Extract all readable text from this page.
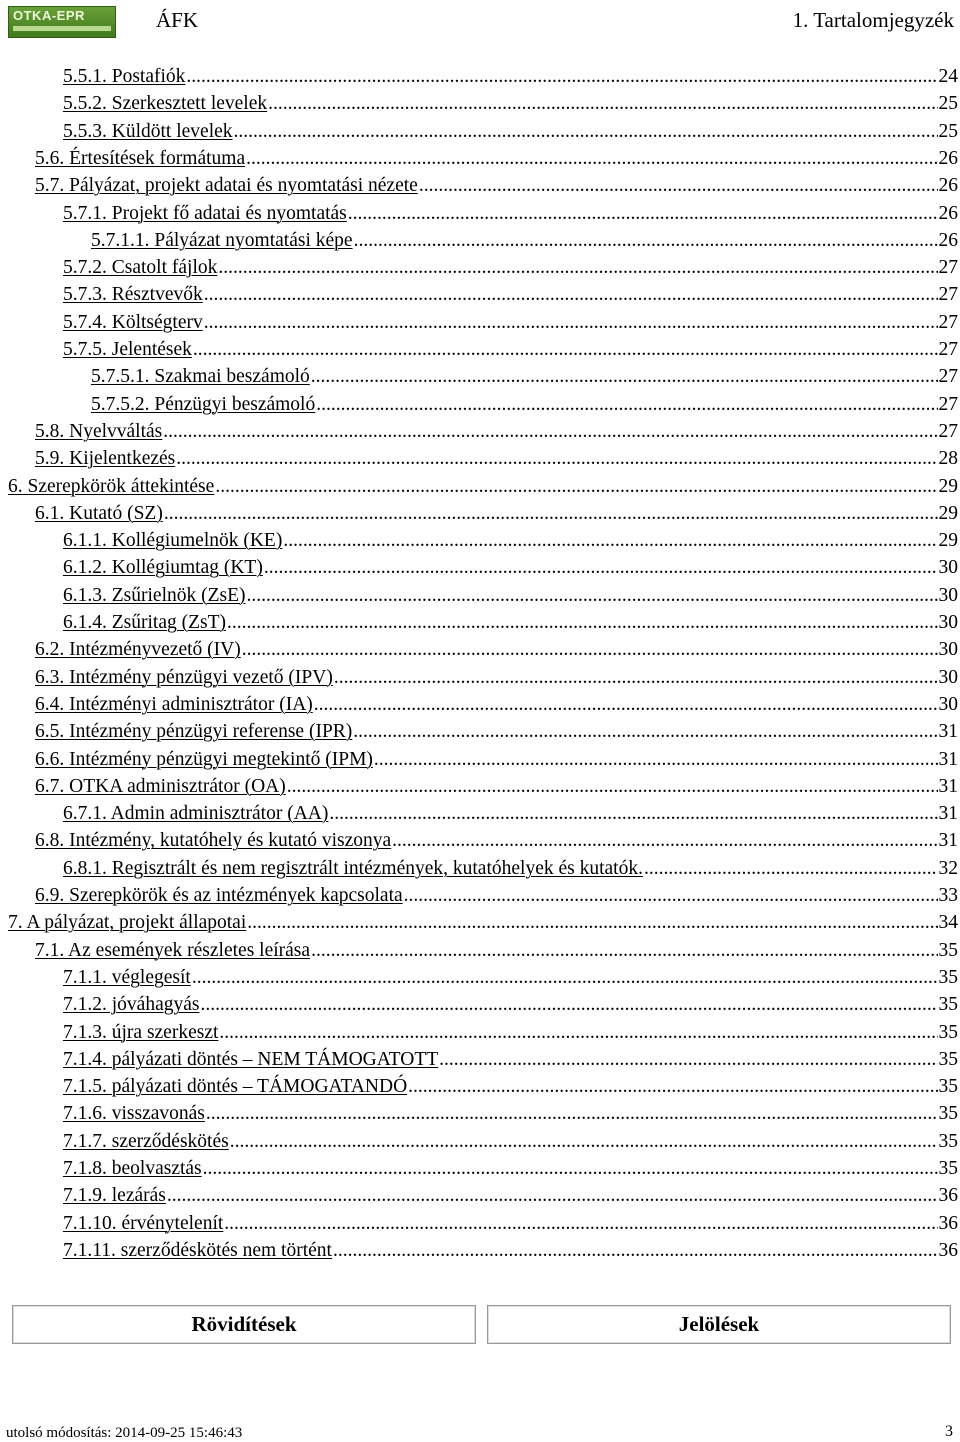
OTKA-EPR	ÁFK	1. Tartalomjegyzék
5.5.1. Postafiók .....	24
5.5.2. Szerkesztett levelek .....	25
5.5.3. Küldött levelek .....	25
5.6. Értesítések formátuma .....	26
5.7. Pályázat, projekt adatai és nyomtatási nézete .....	26
5.7.1. Projekt fő adatai és nyomtatás .....	26
5.7.1.1. Pályázat nyomtatási képe .....	26
5.7.2. Csatolt fájlok .....	27
5.7.3. Résztvevők .....	27
5.7.4. Költségterv .....	27
5.7.5. Jelentések .....	27
5.7.5.1. Szakmai beszámoló .....	27
5.7.5.2. Pénzügyi beszámoló .....	27
5.8. Nyelvváltás .....	27
5.9. Kijelentkezés .....	28
6. Szerepkörök áttekintése .....	29
6.1. Kutató (SZ) .....	29
6.1.1. Kollégiumelnök (KE) .....	29
6.1.2. Kollégiumtag (KT) .....	30
6.1.3. Zsűrielnök (ZsE) .....	30
6.1.4. Zsűritag (ZsT) .....	30
6.2. Intézményvezető (IV) .....	30
6.3. Intézmény pénzügyi vezető (IPV) .....	30
6.4. Intézményi adminisztrátor (IA) .....	30
6.5. Intézmény pénzügyi referense (IPR) .....	31
6.6. Intézmény pénzügyi megtekintő (IPM) .....	31
6.7. OTKA adminisztrátor (OA) .....	31
6.7.1. Admin adminisztrátor (AA) .....	31
6.8. Intézmény, kutatóhely és kutató viszonya .....	31
6.8.1. Regisztrált és nem regisztrált intézmények, kutatóhelyek és kutatók. .....	32
6.9. Szerepkörök és az intézmények kapcsolata .....	33
7. A pályázat, projekt állapotai .....	34
7.1. Az események részletes leírása .....	35
7.1.1. véglegesít .....	35
7.1.2. jóváhagyás .....	35
7.1.3. újra szerkeszt .....	35
7.1.4. pályázati döntés – NEM TÁMOGATOTT .....	35
7.1.5. pályázati döntés – TÁMOGATANDÓ .....	35
7.1.6. visszavonás .....	35
7.1.7. szerződéskötés .....	35
7.1.8. beolvasztás .....	35
7.1.9. lezárás .....	36
7.1.10. érvénytelenít .....	36
7.1.11. szerződéskötés nem történt .....	36
Rövidítések	Jelölések
utolsó módosítás: 2014-09-25 15:46:43	3
